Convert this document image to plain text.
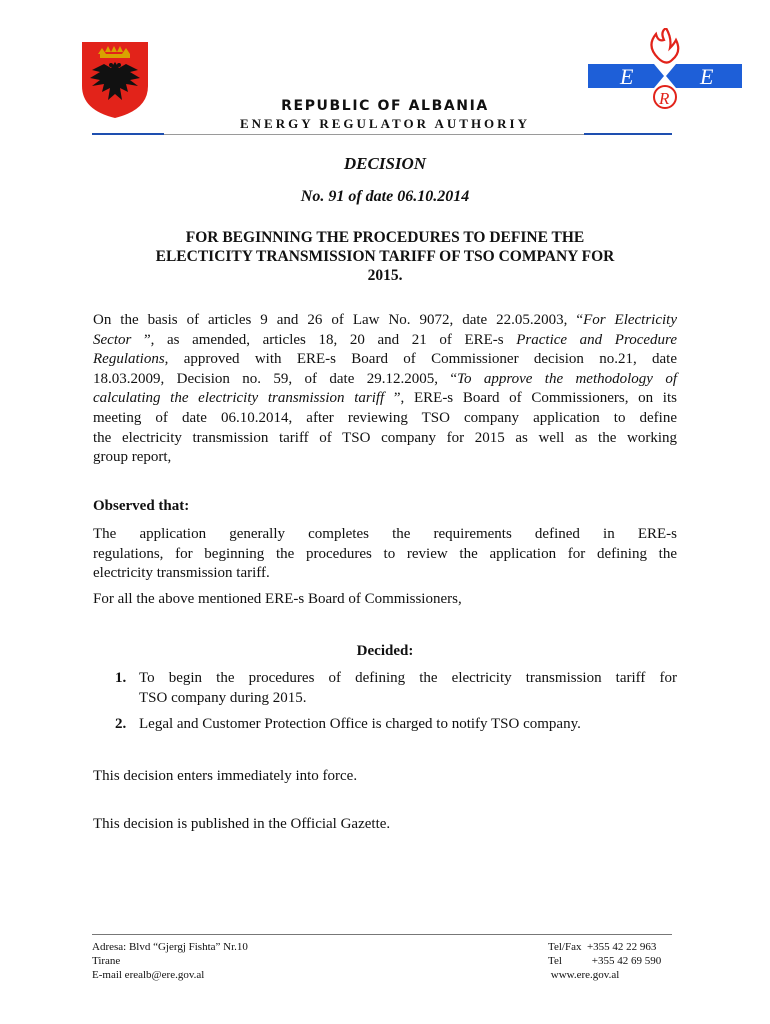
E
R
E
REPUBLIC OF ALBANIA
ENERGY REGULATOR AUTHORIY
DECISION
No. 91 of date 06.10.2014
FOR BEGINNING THE PROCEDURES TO DEFINE THE
ELECTICITY TRANSMISSION TARIFF OF TSO COMPANY FOR
2015.
On the basis of articles 9 and 26 of Law No. 9072, date 22.05.2003, “For Electricity
Sector ”, as amended, articles 18, 20 and 21 of ERE-s Practice and Procedure
Regulations, approved with ERE-s Board of Commissioner decision no.21, date
18.03.2009, Decision no. 59, of date 29.12.2005, “To approve the methodology of
calculating the electricity transmission tariff ”, ERE-s Board of Commissioners, on its
meeting of date 06.10.2014, after reviewing TSO company application to define
the electricity transmission tariff of TSO company for 2015 as well as the working
group report,
Observed that:
The application generally completes the requirements defined in ERE-s
regulations, for beginning the procedures to review the application for defining the
electricity transmission tariff.
For all the above mentioned ERE-s Board of Commissioners,
Decided:
1. To begin the procedures of defining the electricity transmission tariff for
TSO company during 2015.
2. Legal and Customer Protection Office is charged to notify TSO company.
This decision enters immediately into force.
This decision is published in the Official Gazette.
Adresa: Blvd “Gjergj Fishta” Nr.10
Tirane
E-mail erealb@ere.gov.al
Tel/Fax +355 42 22 963
Tel	+355 42 69 590
www.ere.gov.al
